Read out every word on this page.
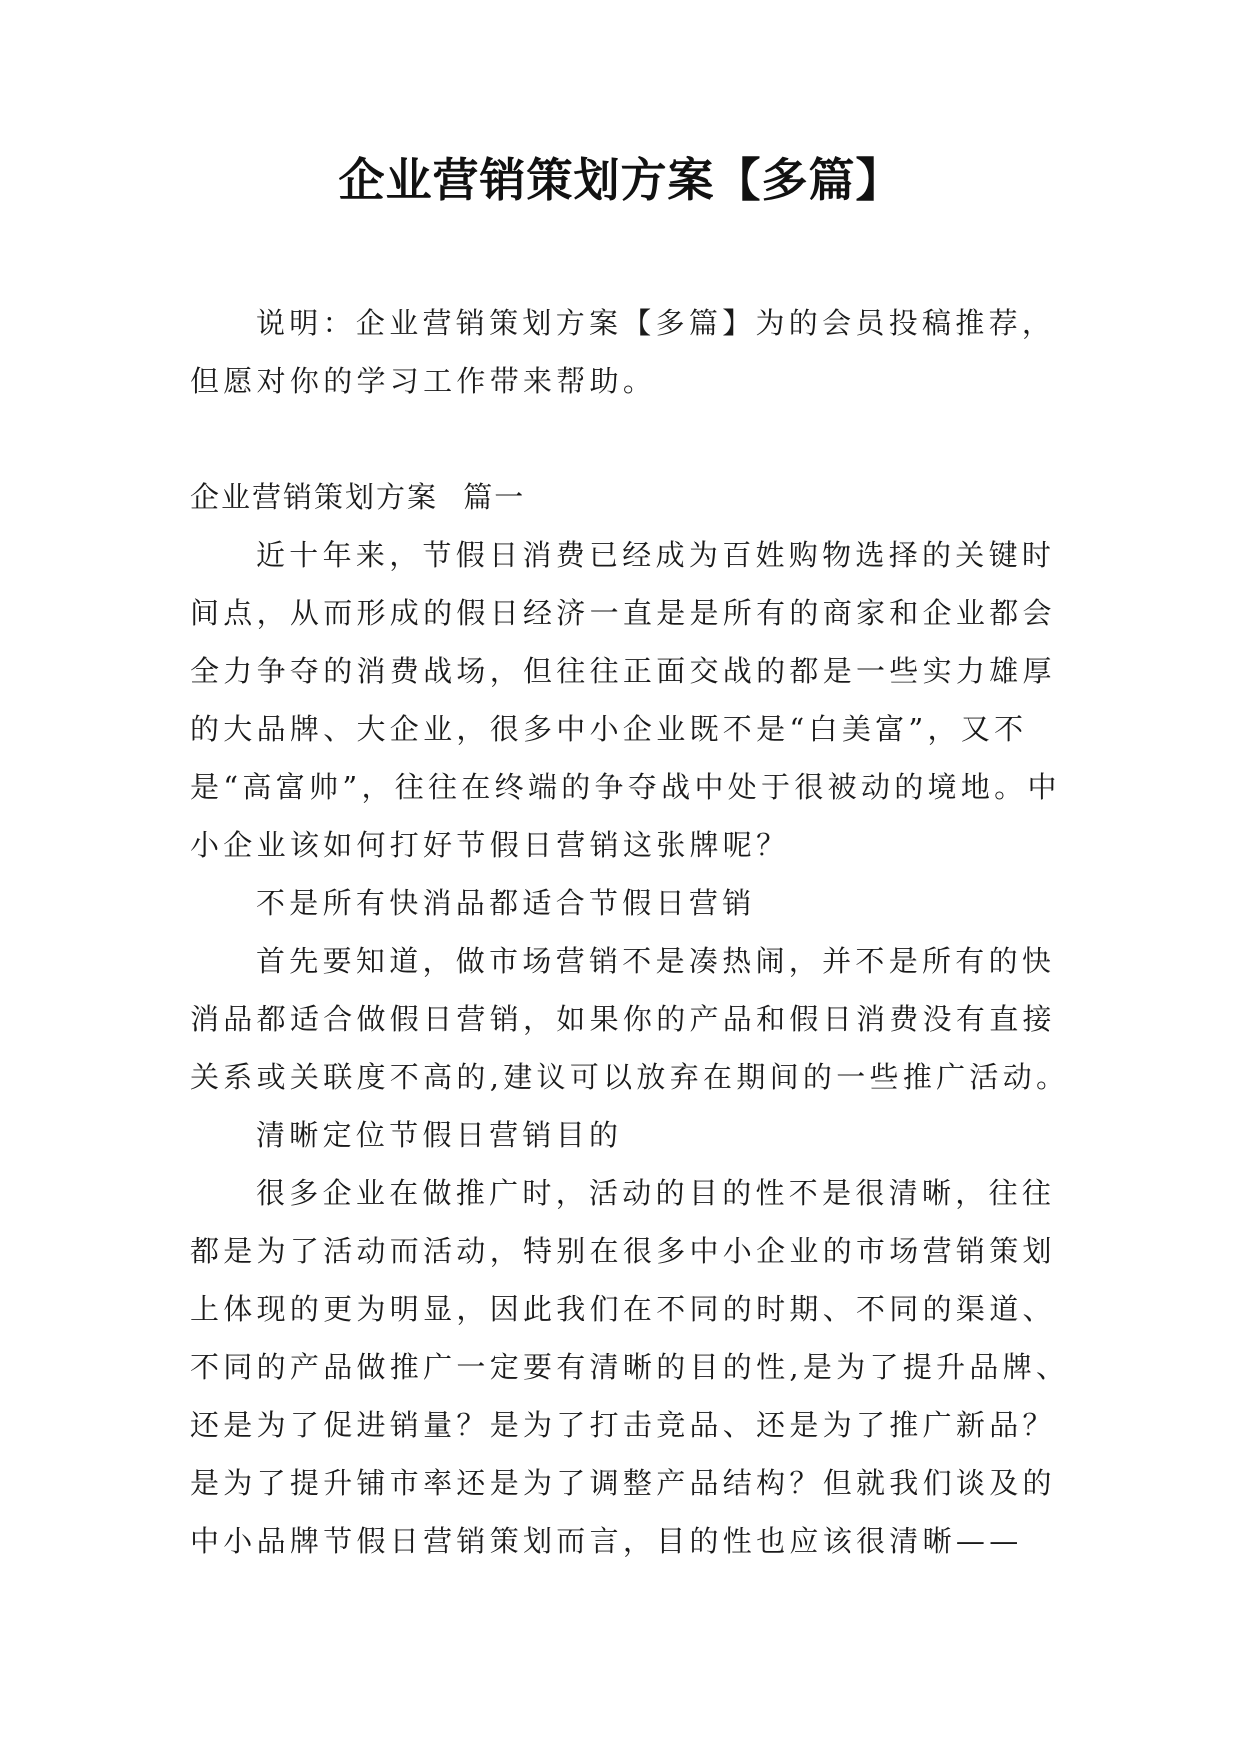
企业营销策划方案【多篇】

说明：企业营销策划方案【多篇】为的会员投稿推荐，但愿对你的学习工作带来帮助。

企业营销策划方案 篇一

近十年来，节假日消费已经成为百姓购物选择的关键时间点，从而形成的假日经济一直是是所有的商家和企业都会全力争夺的消费战场，但往往正面交战的都是一些实力雄厚的大品牌、大企业，很多中小企业既不是“白美富”，又不是“高富帅”，往往在终端的争夺战中处于很被动的境地。中小企业该如何打好节假日营销这张牌呢？

不是所有快消品都适合节假日营销

首先要知道，做市场营销不是凑热闹，并不是所有的快消品都适合做假日营销，如果你的产品和假日消费没有直接关系或关联度不高的,建议可以放弃在期间的一些推广活动。

清晰定位节假日营销目的

很多企业在做推广时，活动的目的性不是很清晰，往往都是为了活动而活动，特别在很多中小企业的市场营销策划上体现的更为明显，因此我们在不同的时期、不同的渠道、不同的产品做推广一定要有清晰的目的性,是为了提升品牌、还是为了促进销量？是为了打击竞品、还是为了推广新品？是为了提升铺市率还是为了调整产品结构？但就我们谈及的中小品牌节假日营销策划而言，目的性也应该很清晰——
